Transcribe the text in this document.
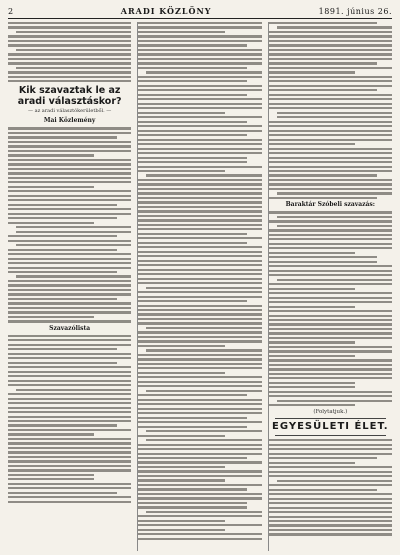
2	ARADI KÖZLÖNY	1891. június 26.
Kik szavaztak le az aradi választáskor?
— az aradi választókerületből. —
Mai Közlemény
Szavazólista
Baraktár Szóbeli szavazás:
(Folytatjuk.)
EGYESÜLETI ÉLET.
